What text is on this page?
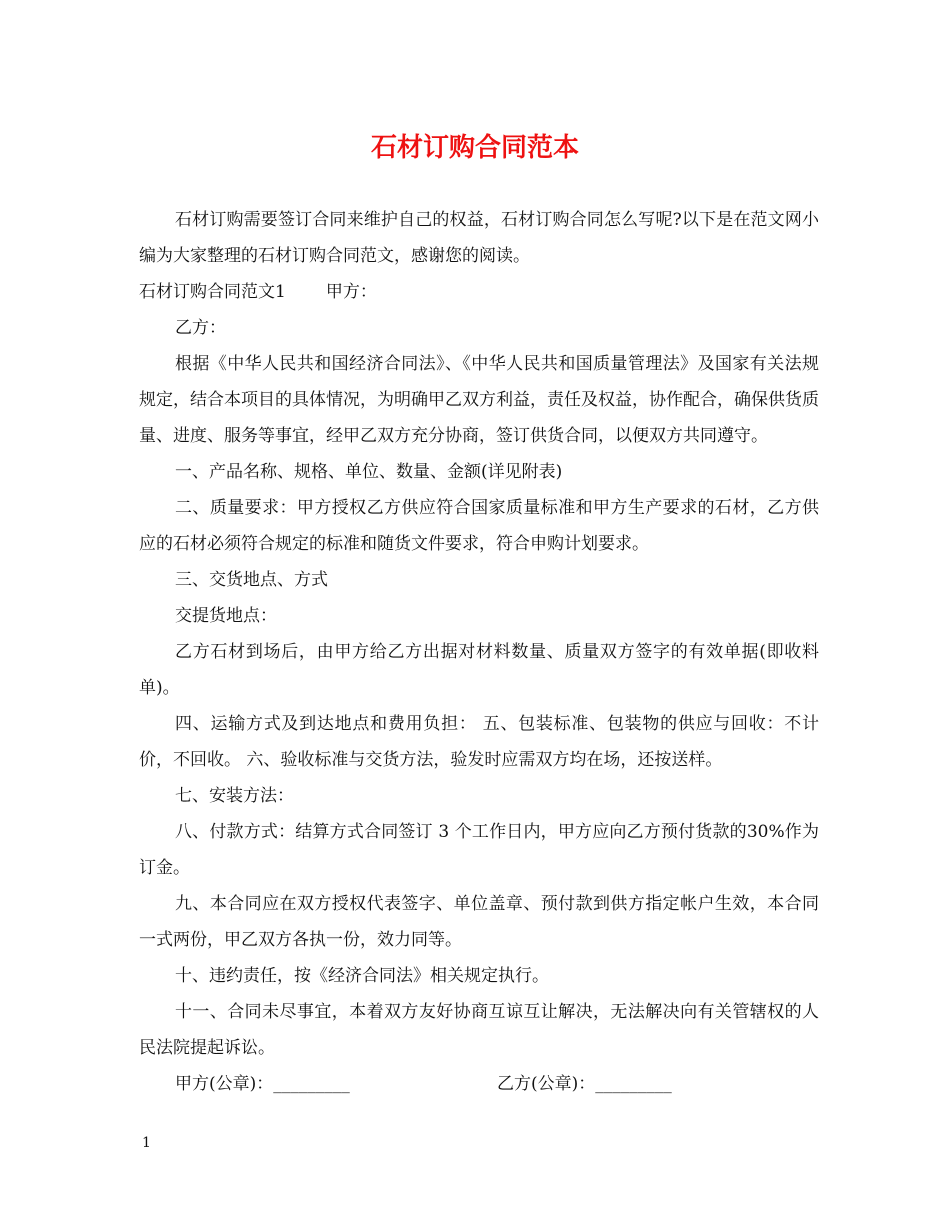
石材订购合同范本

石材订购需要签订合同来维护自己的权益，石材订购合同怎么写呢?以下是在范文网小编为大家整理的石材订购合同范文，感谢您的阅读。

石材订购合同范文1 甲方：

乙方：

根据《中华人民共和国经济合同法》、《中华人民共和国质量管理法》及国家有关法规规定，结合本项目的具体情况，为明确甲乙双方利益，责任及权益，协作配合，确保供货质量、进度、服务等事宜，经甲乙双方充分协商，签订供货合同，以便双方共同遵守。

一、产品名称、规格、单位、数量、金额(详见附表)

二、质量要求：甲方授权乙方供应符合国家质量标准和甲方生产要求的石材，乙方供应的石材必须符合规定的标准和随货文件要求，符合申购计划要求。

三、交货地点、方式

交提货地点：

乙方石材到场后，由甲方给乙方出据对材料数量、质量双方签字的有效单据(即收料单)。

四、运输方式及到达地点和费用负担： 五、包装标准、包装物的供应与回收：不计价，不回收。 六、验收标准与交货方法，验发时应需双方均在场，还按送样。

七、安装方法：

八、付款方式：结算方式合同签订 3 个工作日内，甲方应向乙方预付货款的30%作为订金。

九、本合同应在双方授权代表签字、单位盖章、预付款到供方指定帐户生效，本合同一式两份，甲乙双方各执一份，效力同等。

十、违约责任，按《经济合同法》相关规定执行。

十一、合同未尽事宜，本着双方友好协商互谅互让解决，无法解决向有关管辖权的人民法院提起诉讼。

甲方(公章)：_________	乙方(公章)：_________
1
